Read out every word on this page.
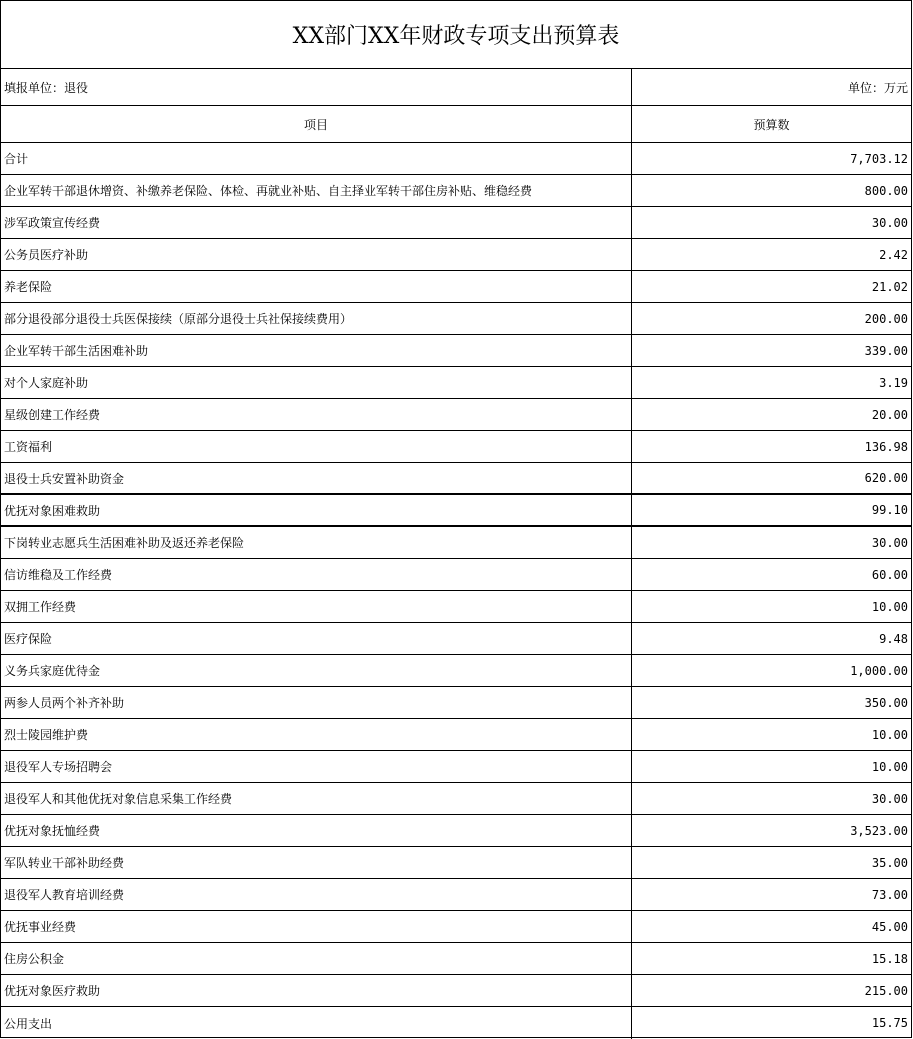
XX部门XX年财政专项支出预算表
填报单位：退役	单位：万元
项目	预算数
合计	7,703.12
企业军转干部退休增资、补缴养老保险、体检、再就业补贴、自主择业军转干部住房补贴、维稳经费	800.00
涉军政策宣传经费	30.00
公务员医疗补助	2.42
养老保险	21.02
部分退役部分退役士兵医保接续（原部分退役士兵社保接续费用）	200.00
企业军转干部生活困难补助	339.00
对个人家庭补助	3.19
星级创建工作经费	20.00
工资福利	136.98
退役士兵安置补助资金	620.00
优抚对象困难救助	99.10
下岗转业志愿兵生活困难补助及返还养老保险	30.00
信访维稳及工作经费	60.00
双拥工作经费	10.00
医疗保险	9.48
义务兵家庭优待金	1,000.00
两参人员两个补齐补助	350.00
烈士陵园维护费	10.00
退役军人专场招聘会	10.00
退役军人和其他优抚对象信息采集工作经费	30.00
优抚对象抚恤经费	3,523.00
军队转业干部补助经费	35.00
退役军人教育培训经费	73.00
优抚事业经费	45.00
住房公积金	15.18
优抚对象医疗救助	215.00
公用支出	15.75
